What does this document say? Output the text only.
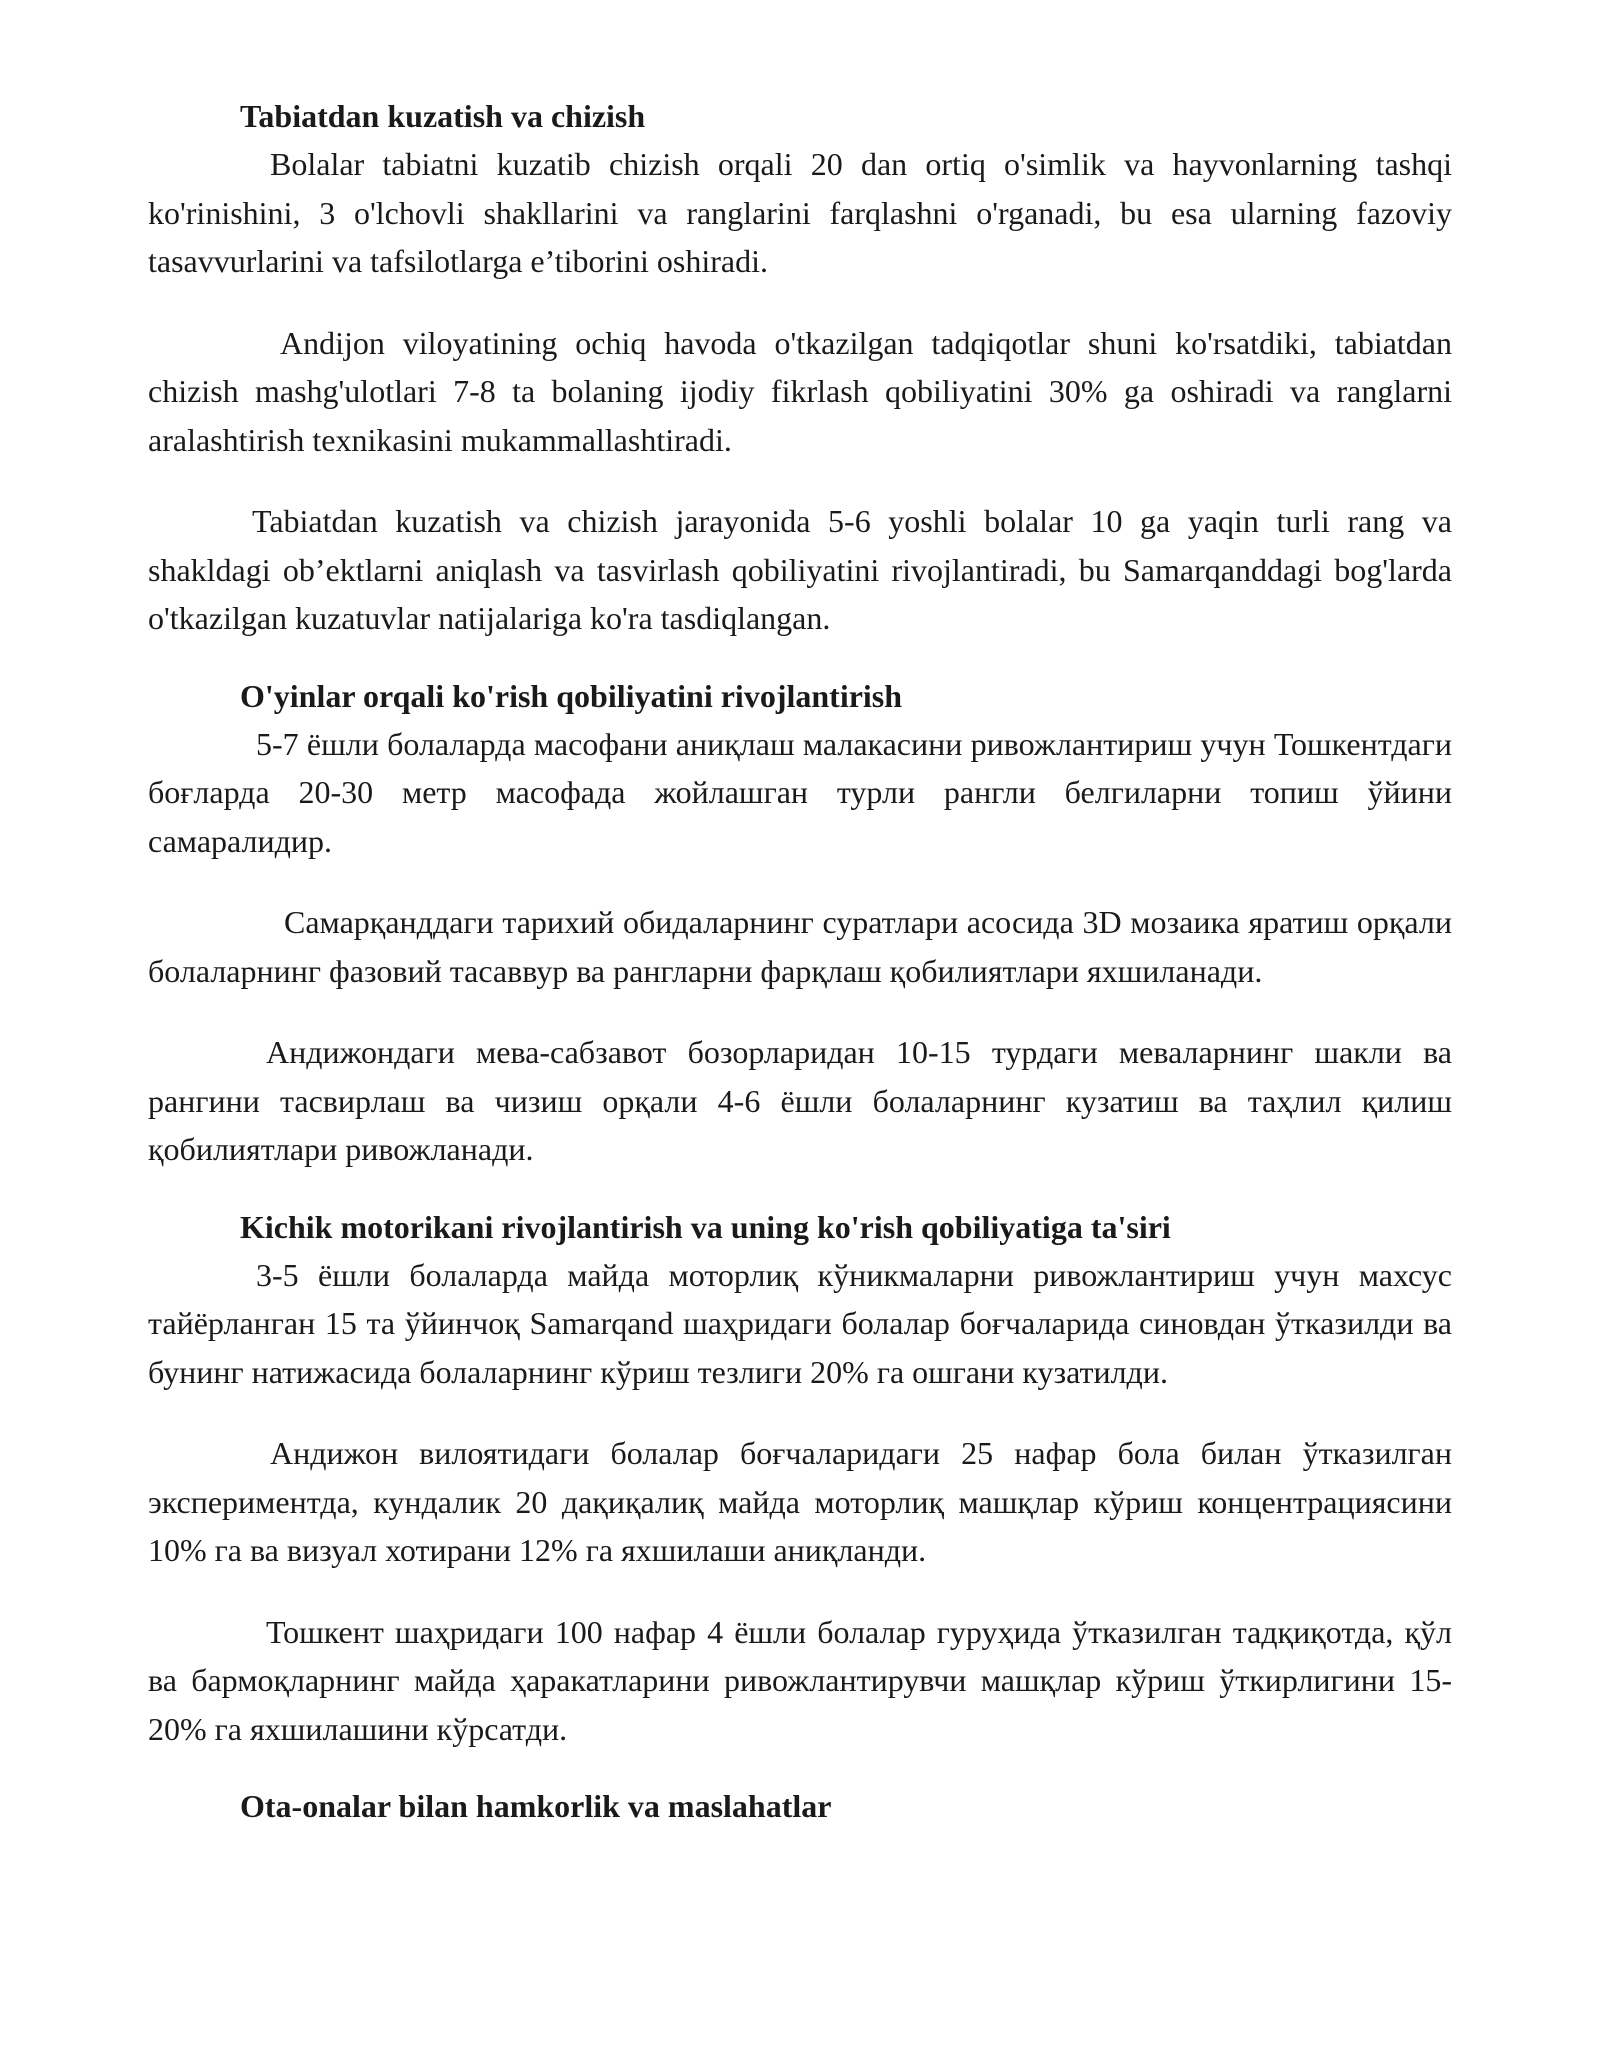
Tabiatdan kuzatish va chizish

Bolalar tabiatni kuzatib chizish orqali 20 dan ortiq o'simlik va hayvonlarning tashqi ko'rinishini, 3 o'lchovli shakllarini va ranglarini farqlashni o'rganadi, bu esa ularning fazoviy tasavvurlarini va tafsilotlarga e’tiborini oshiradi.

Andijon viloyatining ochiq havoda o'tkazilgan tadqiqotlar shuni ko'rsatdiki, tabiatdan chizish mashg'ulotlari 7-8 ta bolaning ijodiy fikrlash qobiliyatini 30% ga oshiradi va ranglarni aralashtirish texnikasini mukammallashtiradi.

Tabiatdan kuzatish va chizish jarayonida 5-6 yoshli bolalar 10 ga yaqin turli rang va shakldagi ob’ektlarni aniqlash va tasvirlash qobiliyatini rivojlantiradi, bu Samarqanddagi bog'larda o'tkazilgan kuzatuvlar natijalariga ko'ra tasdiqlangan.

O'yinlar orqali ko'rish qobiliyatini rivojlantirish

5-7 ёшли болаларда масофани аниқлаш малакасини ривожлантириш учун Тошкентдаги боғларда 20-30 метр масофада жойлашган турли рангли белгиларни топиш ўйини самаралидир.

Самарқанддаги тарихий обидаларнинг суратлари асосида 3D мозаика яратиш орқали болаларнинг фазовий тасаввур ва рангларни фарқлаш қобилиятлари яхшиланади.

Андижондаги мева-сабзавот бозорларидан 10-15 турдаги меваларнинг шакли ва рангини тасвирлаш ва чизиш орқали 4-6 ёшли болаларнинг кузатиш ва таҳлил қилиш қобилиятлари ривожланади.

Kichik motorikani rivojlantirish va uning ko'rish qobiliyatiga ta'siri

3-5 ёшли болаларда майда моторлиқ кўникмаларни ривожлантириш учун махсус тайёрланган 15 та ўйинчоқ Samarqand шаҳридаги болалар боғчаларида синовдан ўтказилди ва бунинг натижасида болаларнинг кўриш тезлиги 20% га ошгани кузатилди.

Андижон вилоятидаги болалар боғчаларидаги 25 нафар бола билан ўтказилган экспериментда, кундалик 20 дақиқалиқ майда моторлиқ машқлар кўриш концентрациясини 10% га ва визуал хотирани 12% га яхшилаши аниқланди.

Тошкент шаҳридаги 100 нафар 4 ёшли болалар гуруҳида ўтказилган тадқиқотда, қўл ва бармоқларнинг майда ҳаракатларини ривожлантирувчи машқлар кўриш ўткирлигини 15-20% га яхшилашини кўрсатди.

Ota-onalar bilan hamkorlik va maslahatlar
